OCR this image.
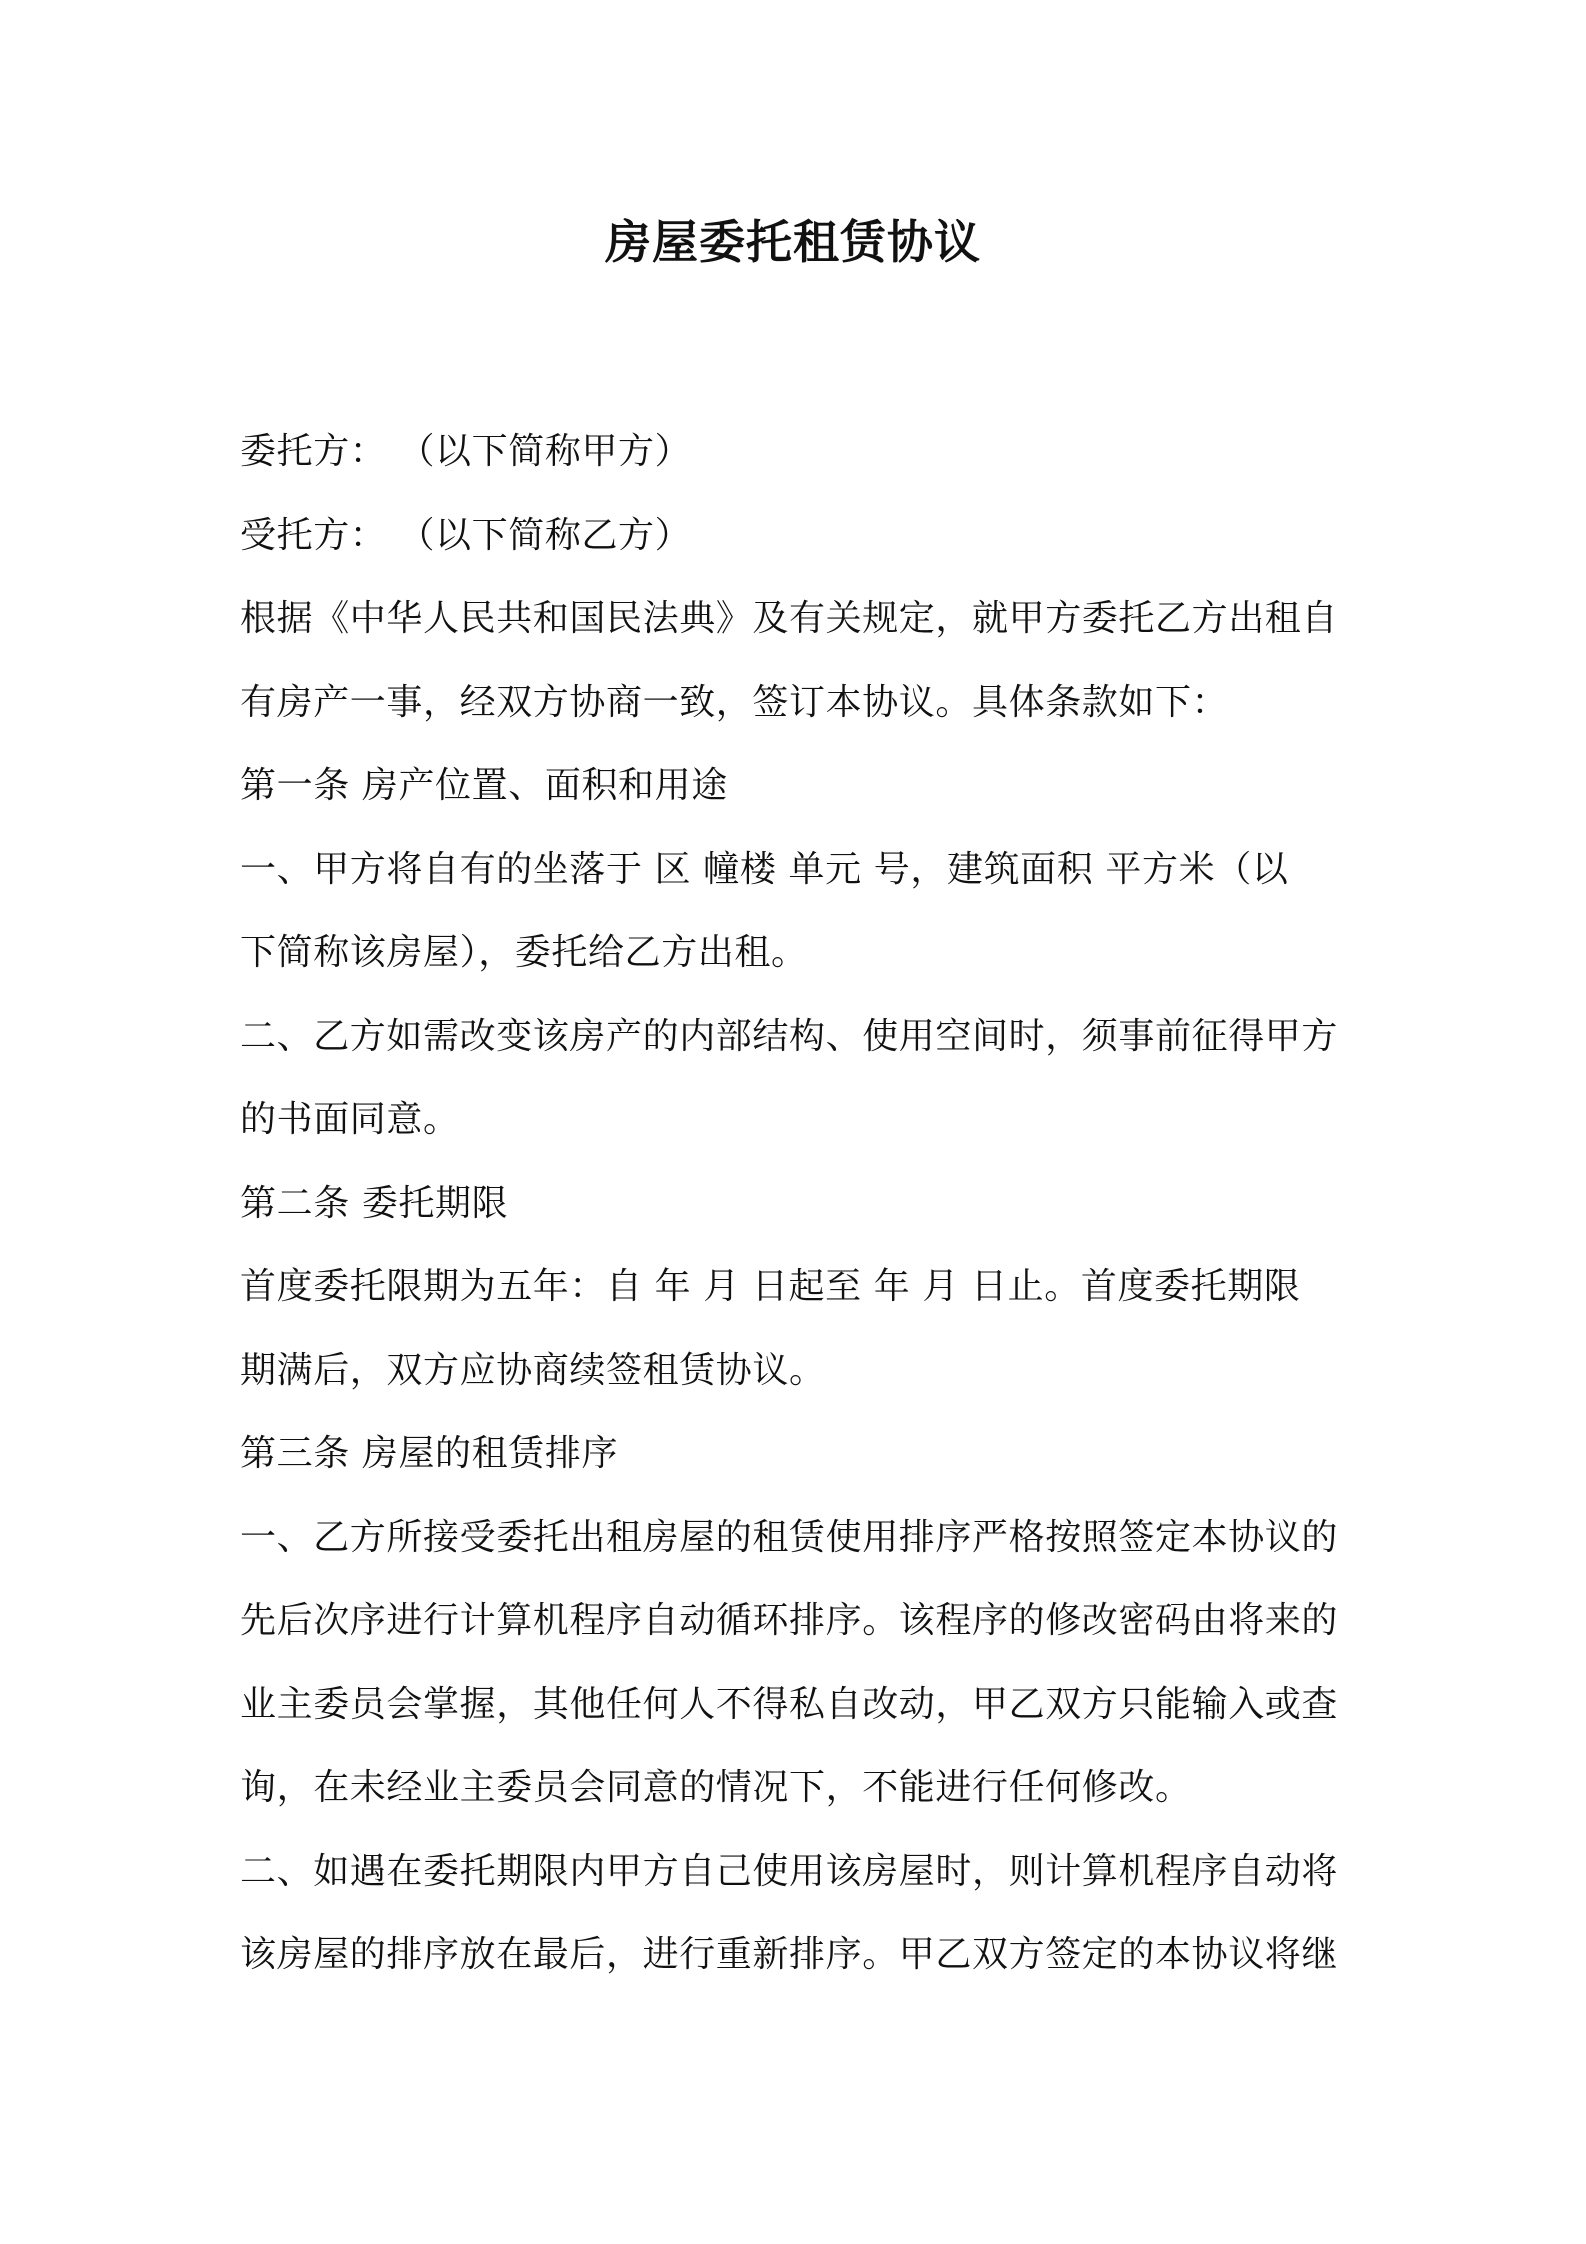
房屋委托租赁协议
委托方： （以下简称甲方）
受托方： （以下简称乙方）
根据《中华人民共和国民法典》及有关规定，就甲方委托乙方出租自
有房产一事，经双方协商一致，签订本协议。具体条款如下：
第一条 房产位置、面积和用途
一、甲方将自有的坐落于 区 幢楼 单元 号，建筑面积 平方米（以
下简称该房屋），委托给乙方出租。
二、乙方如需改变该房产的内部结构、使用空间时，须事前征得甲方
的书面同意。
第二条 委托期限
首度委托限期为五年：自 年 月 日起至 年 月 日止。首度委托期限
期满后，双方应协商续签租赁协议。
第三条 房屋的租赁排序
一、乙方所接受委托出租房屋的租赁使用排序严格按照签定本协议的
先后次序进行计算机程序自动循环排序。该程序的修改密码由将来的
业主委员会掌握，其他任何人不得私自改动，甲乙双方只能输入或查
询，在未经业主委员会同意的情况下，不能进行任何修改。
二、如遇在委托期限内甲方自己使用该房屋时，则计算机程序自动将
该房屋的排序放在最后，进行重新排序。甲乙双方签定的本协议将继
